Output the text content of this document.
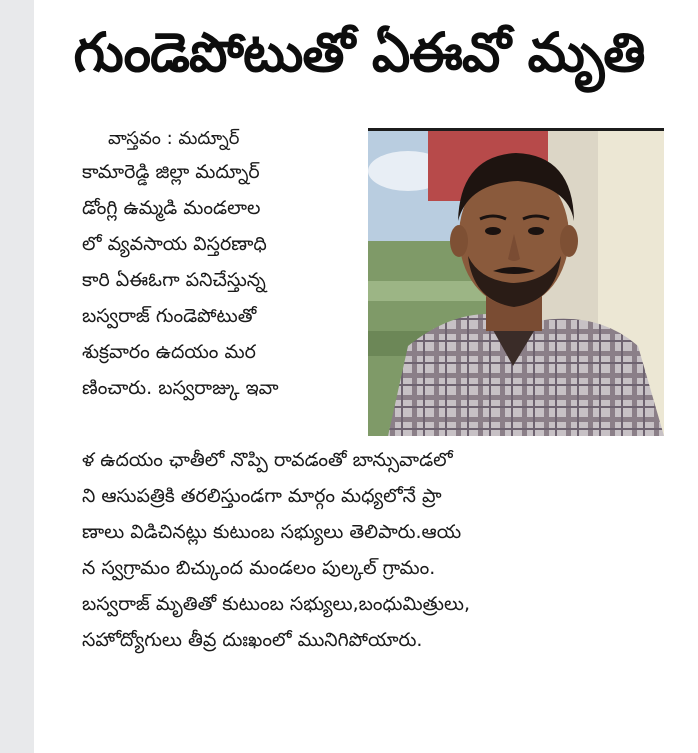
గుండెపోటుతో ఏఈవో మృతి
వాస్తవం : మద్నూర్
కామారెడ్డి జిల్లా మద్నూర్
డోంగ్లి ఉమ్మడి మండలాల
లో వ్యవసాయ విస్తరణాధి
కారి ఏఈఓగా పనిచేస్తున్న
బస్వరాజ్ గుండెపోటుతో
శుక్రవారం ఉదయం మర
ణించారు. బస్వరాజ్కు ఇవా
ళ ఉదయం ఛాతీలో నొప్పి రావడంతో బాన్సువాడలో
ని ఆసుపత్రికి తరలిస్తుండగా మార్గం మధ్యలోనే ప్రా
ణాలు విడిచినట్లు కుటుంబ సభ్యులు తెలిపారు.ఆయ
న స్వగ్రామం బిచ్కుంద మండలం పుల్కల్ గ్రామం.
బస్వరాజ్ మృతితో కుటుంబ సభ్యులు,బంధుమిత్రులు,
సహోద్యోగులు తీవ్ర దుఃఖంలో మునిగిపోయారు.
